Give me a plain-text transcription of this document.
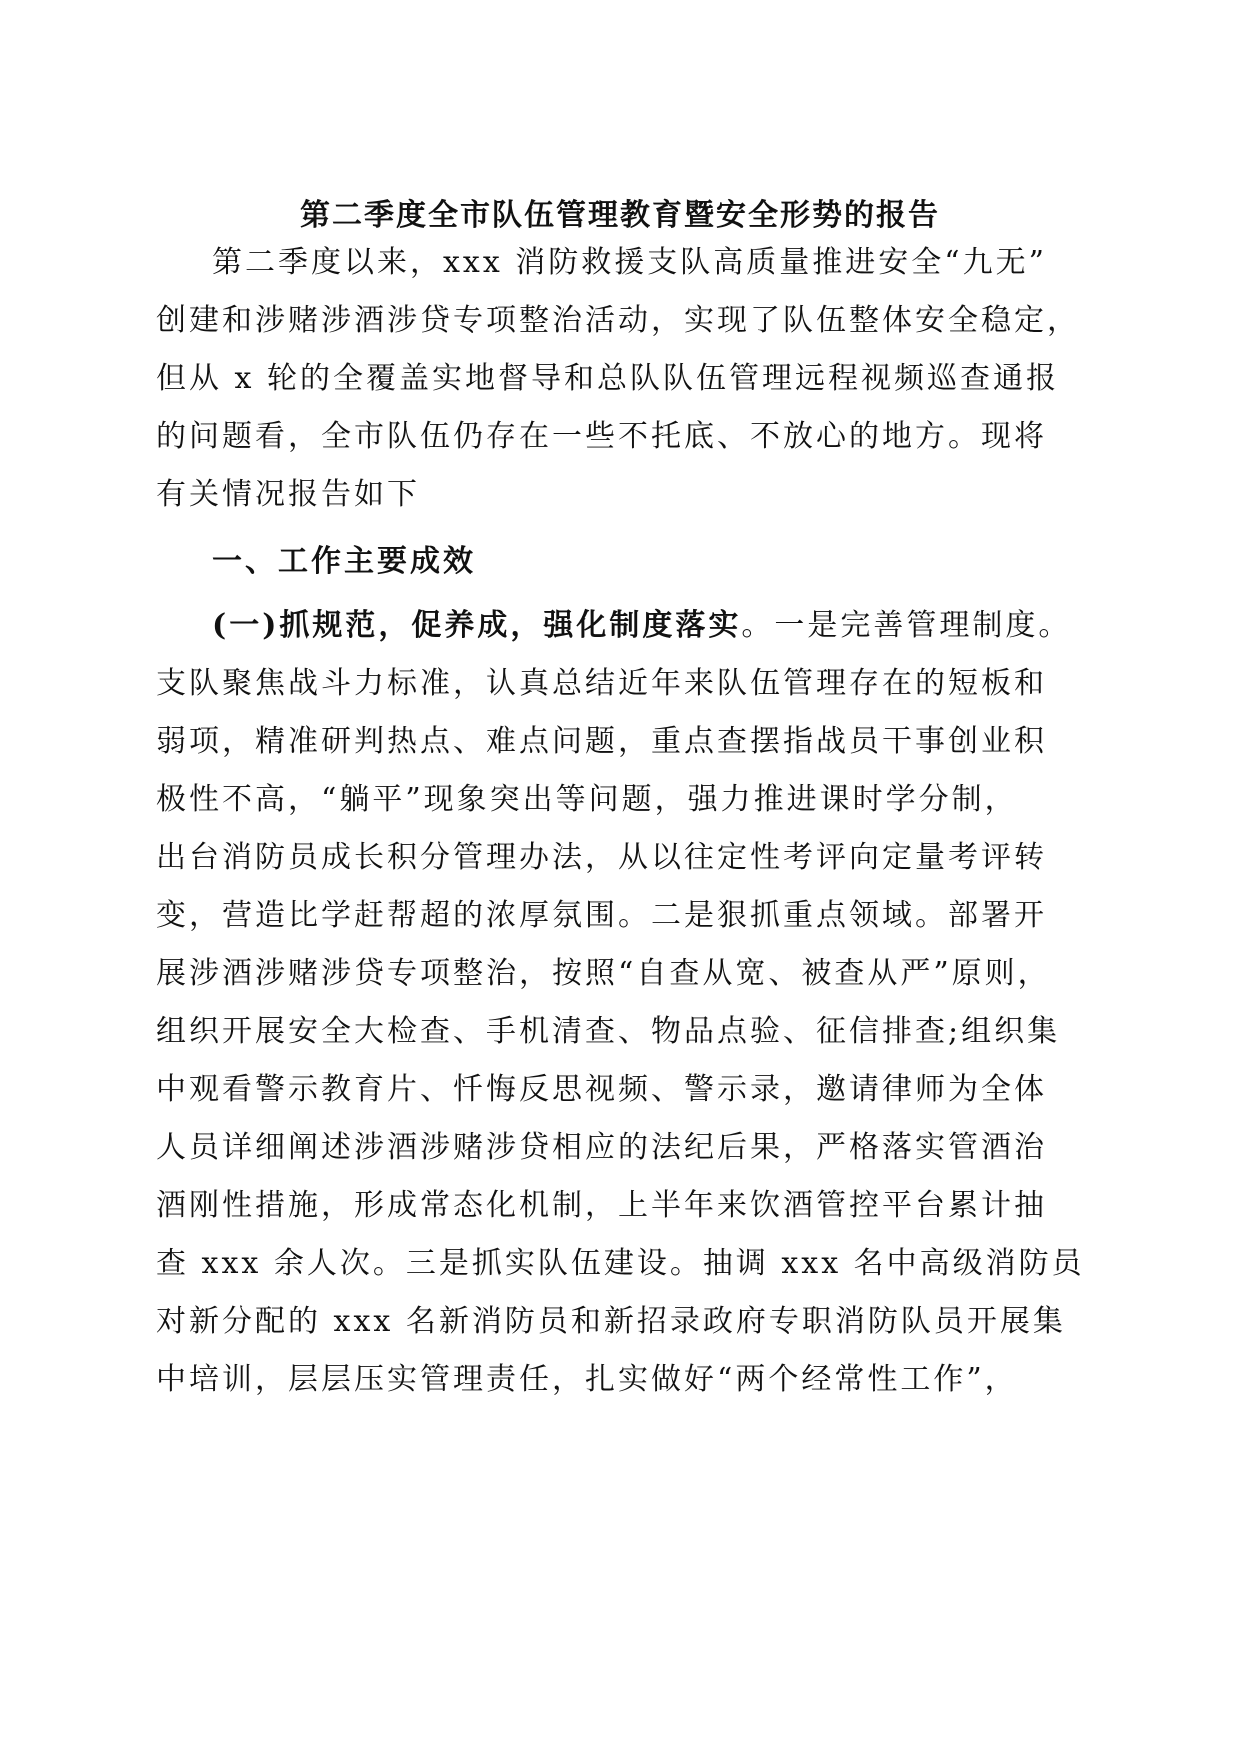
第二季度全市队伍管理教育暨安全形势的报告
第二季度以来，xxx 消防救援支队高质量推进安全“九无”
创建和涉赌涉酒涉贷专项整治活动，实现了队伍整体安全稳定，
但从 x 轮的全覆盖实地督导和总队队伍管理远程视频巡查通报
的问题看，全市队伍仍存在一些不托底、不放心的地方。现将
有关情况报告如下
一、工作主要成效
(一)抓规范，促养成，强化制度落实。一是完善管理制度。
支队聚焦战斗力标准，认真总结近年来队伍管理存在的短板和
弱项，精准研判热点、难点问题，重点查摆指战员干事创业积
极性不高，“躺平”现象突出等问题，强力推进课时学分制，
出台消防员成长积分管理办法，从以往定性考评向定量考评转
变，营造比学赶帮超的浓厚氛围。二是狠抓重点领域。部署开
展涉酒涉赌涉贷专项整治，按照“自查从宽、被查从严”原则，
组织开展安全大检查、手机清查、物品点验、征信排查;组织集
中观看警示教育片、忏悔反思视频、警示录，邀请律师为全体
人员详细阐述涉酒涉赌涉贷相应的法纪后果，严格落实管酒治
酒刚性措施，形成常态化机制，上半年来饮酒管控平台累计抽
查 xxx 余人次。三是抓实队伍建设。抽调 xxx 名中高级消防员
对新分配的 xxx 名新消防员和新招录政府专职消防队员开展集
中培训，层层压实管理责任，扎实做好“两个经常性工作”，
